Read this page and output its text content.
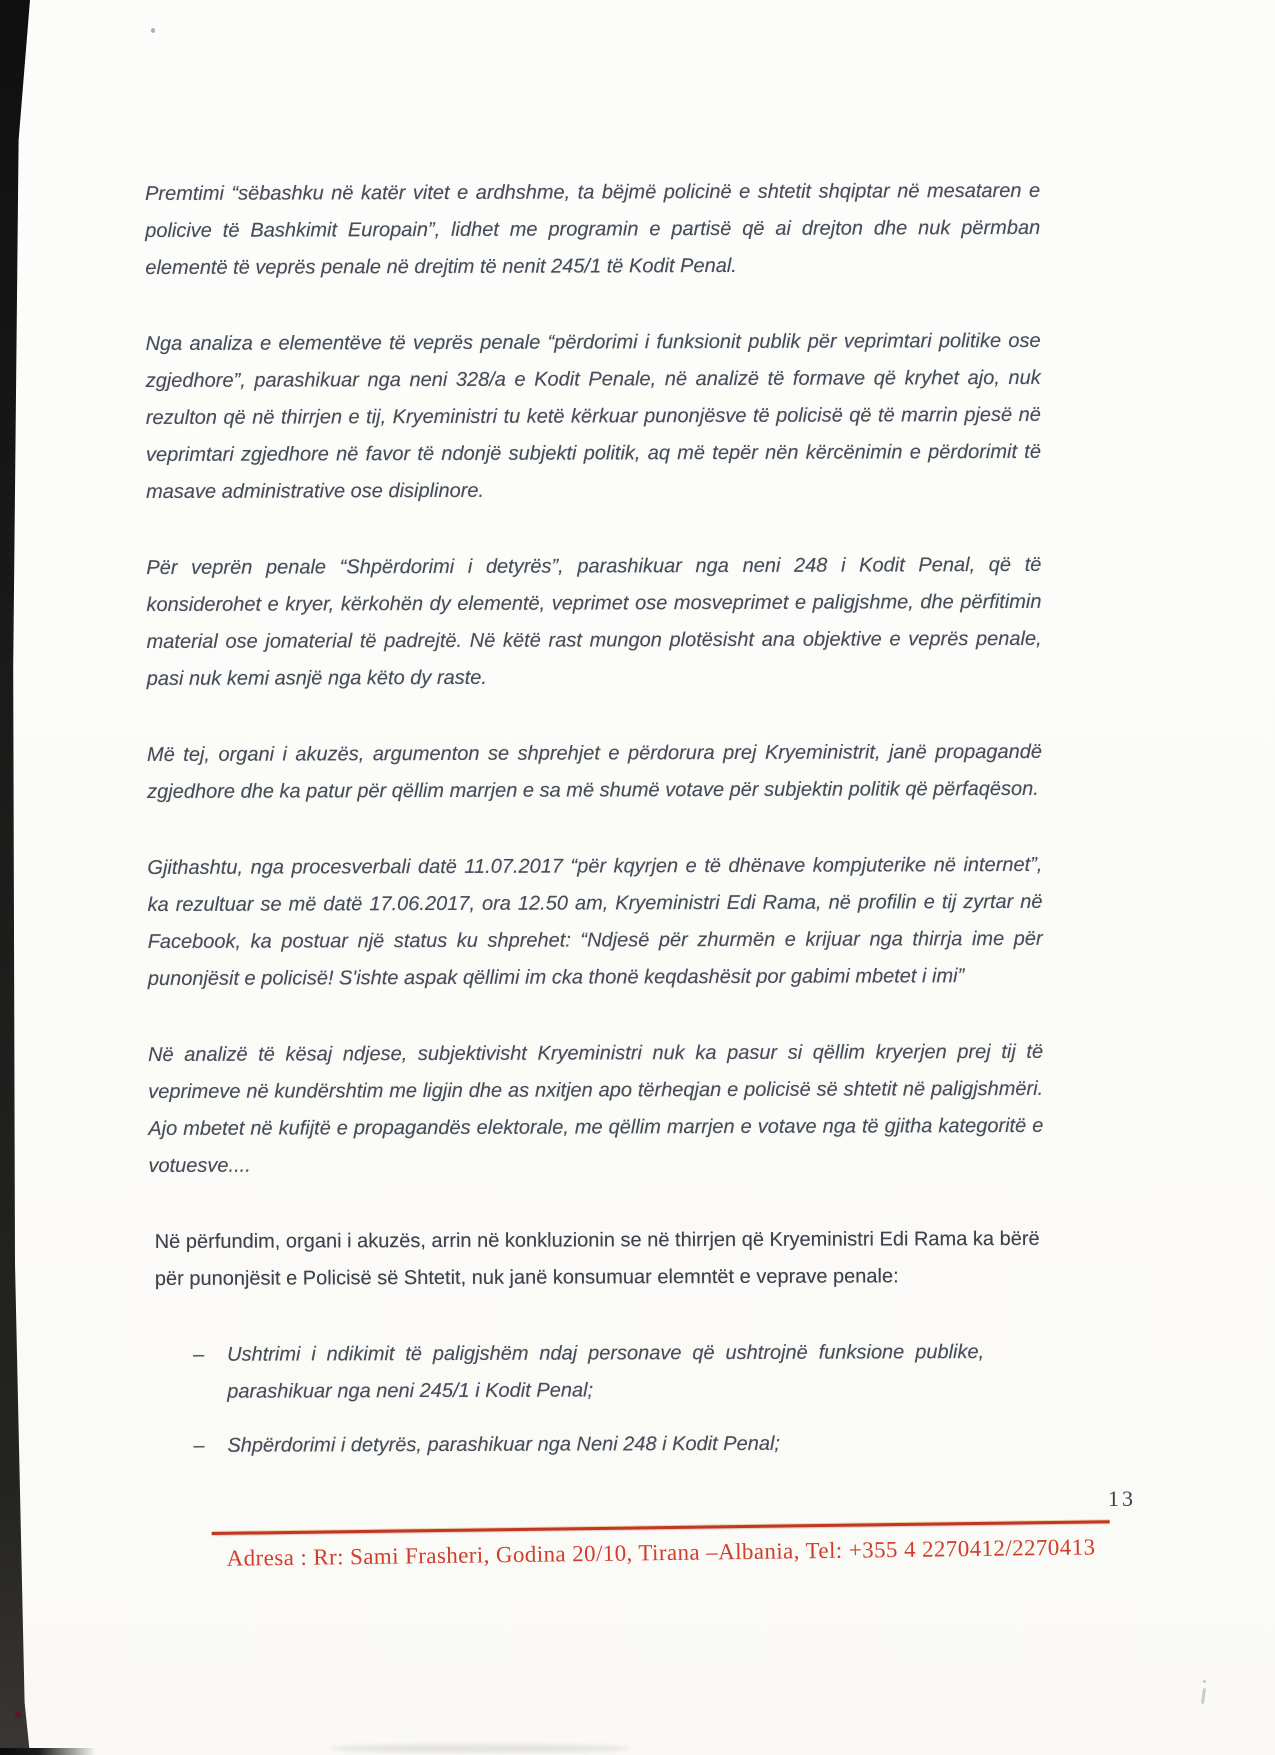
Premtimi “sëbashku në katër vitet e ardhshme, ta bëjmë policinë e shtetit shqiptar në mesataren e policive të Bashkimit Europain”, lidhet me programin e partisë që ai drejton dhe nuk përmban elementë të veprës penale në drejtim të nenit 245/1 të Kodit Penal.

Nga analiza e elementëve të veprës penale “përdorimi i funksionit publik për veprimtari politike ose zgjedhore”, parashikuar nga neni 328/a e Kodit Penale, në analizë të formave që kryhet ajo, nuk rezulton që në thirrjen e tij, Kryeministri tu ketë kërkuar punonjësve të policisë që të marrin pjesë në veprimtari zgjedhore në favor të ndonjë subjekti politik, aq më tepër nën kërcënimin e përdorimit të masave administrative ose disiplinore.

Për veprën penale “Shpërdorimi i detyrës”, parashikuar nga neni 248 i Kodit Penal, që të konsiderohet e kryer, kërkohën dy elementë, veprimet ose mosveprimet e paligjshme, dhe përfitimin material ose jomaterial të padrejtë. Në këtë rast mungon plotësisht ana objektive e veprës penale, pasi nuk kemi asnjë nga këto dy raste.

Më tej, organi i akuzës, argumenton se shprehjet e përdorura prej Kryeministrit, janë propagandë zgjedhore dhe ka patur për qëllim marrjen e sa më shumë votave për subjektin politik që përfaqëson.

Gjithashtu, nga procesverbali datë 11.07.2017 “për kqyrjen e të dhënave kompjuterike në internet”, ka rezultuar se më datë 17.06.2017, ora 12.50 am, Kryeministri Edi Rama, në profilin e tij zyrtar në Facebook, ka postuar një status ku shprehet: “Ndjesë për zhurmën e krijuar nga thirrja ime për punonjësit e policisë! S'ishte aspak qëllimi im cka thonë keqdashësit por gabimi mbetet i imi”

Në analizë të kësaj ndjese, subjektivisht Kryeministri nuk ka pasur si qëllim kryerjen prej tij të veprimeve në kundërshtim me ligjin dhe as nxitjen apo tërheqjan e policisë së shtetit në paligjshmëri. Ajo mbetet në kufijtë e propagandës elektorale, me qëllim marrjen e votave nga të gjitha kategoritë e votuesve....

Në përfundim, organi i akuzës, arrin në konkluzionin se në thirrjen që Kryeministri Edi Rama ka bërë për punonjësit e Policisë së Shtetit, nuk janë konsumuar elemntët e veprave penale:

–	Ushtrimi i ndikimit të paligjshëm ndaj personave që ushtrojnë funksione publike, parashikuar nga neni 245/1 i Kodit Penal;
–	Shpërdorimi i detyrës, parashikuar nga Neni 248 i Kodit Penal;
13
Adresa : Rr: Sami Frasheri, Godina 20/10, Tirana –Albania, Tel: +355 4 2270412/2270413
